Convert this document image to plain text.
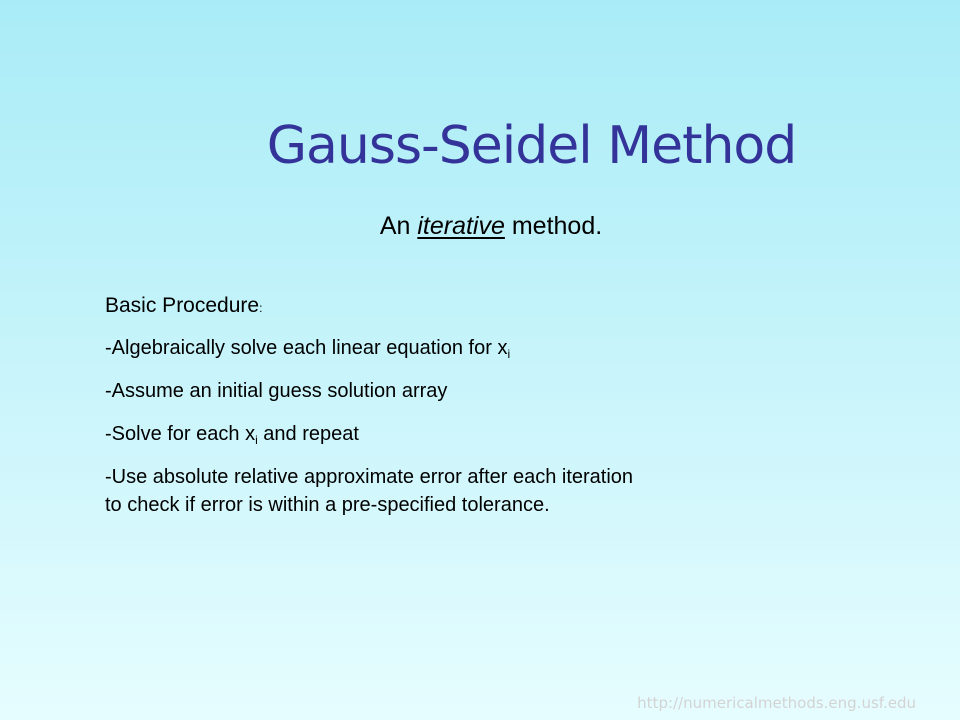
Gauss-Seidel Method

An iterative method.

Basic Procedure:

-Algebraically solve each linear equation for $x_i$

-Assume an initial guess solution array

-Solve for each $x_i$ and repeat

-Use absolute relative approximate error after each iteration
to check if error is within a pre-specified tolerance.

http://numericalmethods.eng.usf.edu
